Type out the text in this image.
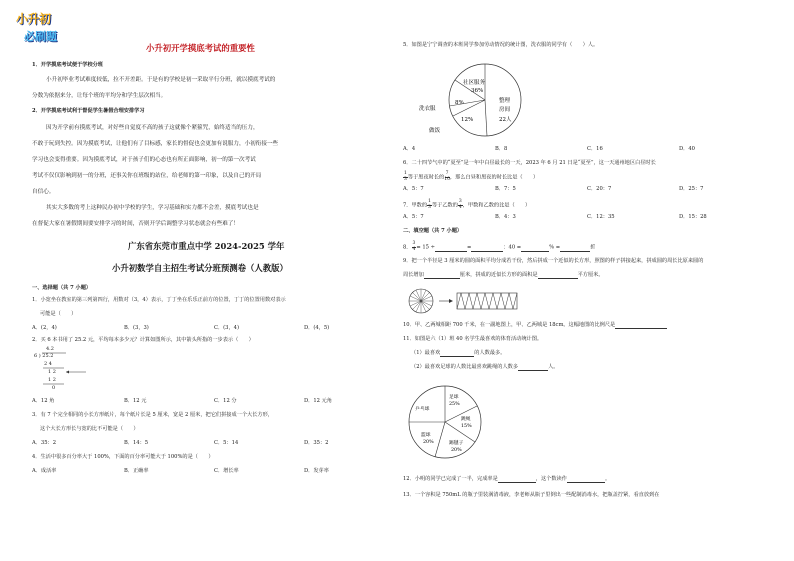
小升初
必刷题
小升初开学摸底考试的重要性
1．开学摸底考试便于学校分班
小升初毕业考试难度较低，拉不开差距。于是有的学校是初一采取平行分班，就以摸底考试的
分数为依据来分，让每个班的平均分和学生层次相当。
2．开学摸底考试利于督促学生暑假合理安排学习
因为开学前有摸底考试，对好些自觉度不高的孩子这就像个紧箍咒，始终适当的压力，
不敢于玩到失控。因为摸底考试，让他们有了目标感，家长的督促也会更加有说服力，小初衔接一些
学习也会变得重要。因为摸底考试，对于孩子们的心态也有所正面影响，初一的第一次考试
考试不仅仅影响到初一的分班，还事关你在班级的站位，给老师的第一印象，以及自己的开局
自信心。
其实大多数的考上这种民办初中学校的学生，学习基础和实力都不会差，摸底考试也是
在督促大家在暑假期间要安排学习的时间，否则开学后调整学习状态就会有些难了！
广东省东莞市重点中学 2024-2025 学年
小升初数学自主招生考试分班预测卷（人教版）
一、选择题（共 7 小题）
1．小宽坐在教室的第三列第四行，用数对（3，4）表示，丁丁坐在乐乐正前方的位置，丁丁的位置用数对表示
可能是（　　）
A．(2，4)	B．(3，3)	C．(3，4)	D．(4，5)
2．买 6 本书用了 25.2 元，平均每本多少元？计算如图所示，其中箭头所指的一步表示（　　）
4.2
6 ) 25.2
2 4
1 2
1 2
0
A．12 角	B．12 元	C．12 分	D．12 元角
3．有 7 个完全相同的小长方形纸片，每个纸片长是 5 厘米，宽是 2 厘米，把它们拼接成一个大长方形，
这个大长方形长与宽的比不可能是（　　）
A．35：2	B．14：5	C．5：14	D．35：2
4．生活中很多百分率大于 100%，下面的百分率可能大于 100%的是（　　）
A．成活率	B．正确率	C．增长率	D．发芽率
5．如图是宁宁调查的本班同学参加劳动情况的统计图，洗衣服的同学有（　　）人。
社区服务
36%
8%
12%
整理
房间
22人
洗衣服
做饭
A．4	B．8	C．16	D．40
6．二十四节气中的“夏至”是一年中白昼最长的一天，2023 年 6 月 21 日是“夏至”，这一天通州地区白昼时长
$\frac{1}{3}$ 等于黑夜时长的 $\frac{7}{10}$ ，那么白昼和黑夜的时长比是（　　）
A．5：7	B．7：5	C．20：7	D．25：7
7．甲数的 $\frac{1}{3}$ 等于乙数的 $\frac{3}{4}$ ，甲数和乙数的比是（　　）
A．5：7	B．4：3	C．12：35	D．15：28
二、填空题（共 7 小题）
8． $\frac{3}{4} = 15$ ÷	=	：40 =	% =	折
9．把一个半径是 3 厘米的圆的面积平均分成若干份，然后拼成一个近似的长方形，照图的样子拼接起来，拼成圆的周长比原来圆的
周长增加	厘米，拼成的近似长方形的面积是	平方厘米。
10．甲、乙两城相距 700 千米，在一副地图上，甲、乙两城是 18cm。这幅地图的比例尺是
11．如图是六（1）班 40 名学生最喜欢的体育活动统计图。
（1）最喜欢	的人数最多。
（2）最喜欢足球的人数比最喜欢跳绳的人数多	人。
足球
25%
乒乓球
跳绳
15%
篮球
20%	踢毽子
20%
12．小明的同学已完成了一半，完成率是	，这个数读作	。
13．一个容积是 750mL 的瓶子里装满清毒液，李老师从瓶子里倒出一些配制消毒水，把瓶盖拧紧，看直放到在
